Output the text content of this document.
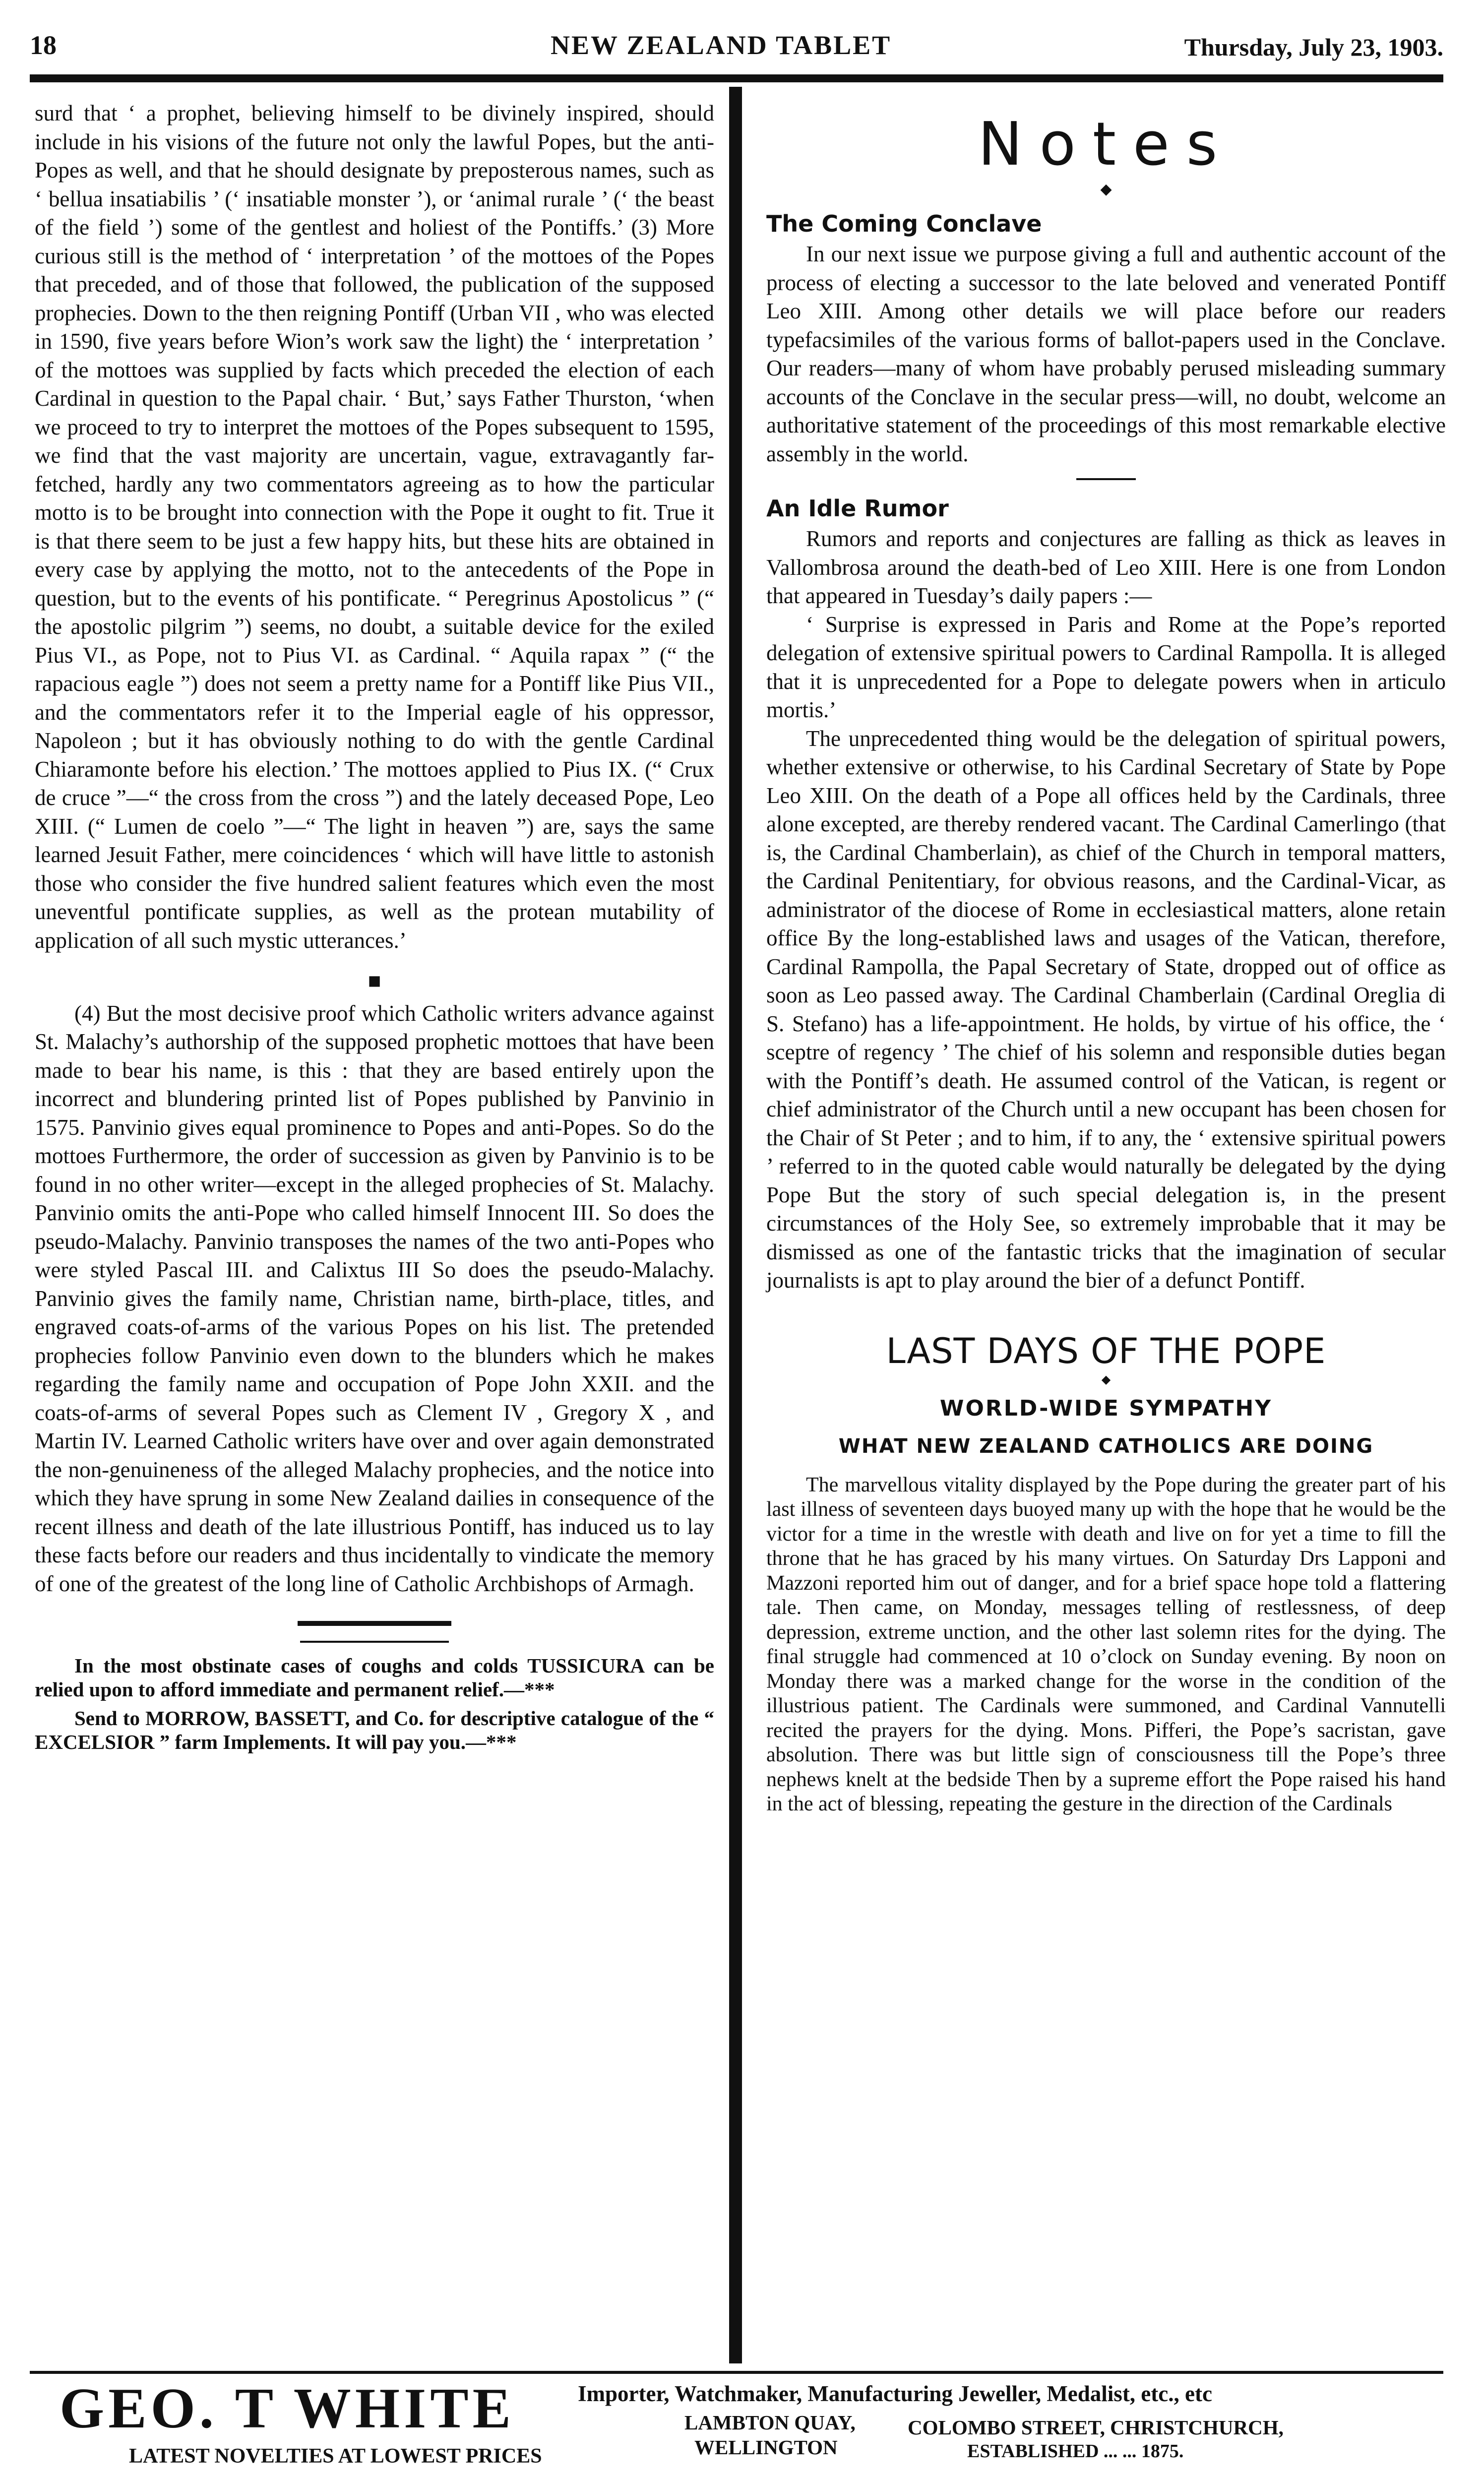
18	NEW ZEALAND TABLET	Thursday, July 23, 1903.

surd that ‘ a prophet, believing himself to be divinely inspired, should include in his visions of the future not only the lawful Popes, but the anti-Popes as well, and that he should designate by preposterous names, such as ‘ bellua insatiabilis ’ (‘ insatiable monster ’), or ‘animal rurale ’ (‘ the beast of the field ’) some of the gentlest and holiest of the Pontiffs.’ (3) More curious still is the method of ‘ interpretation ’ of the mottoes of the Popes that preceded, and of those that followed, the publication of the supposed prophecies. Down to the then reigning Pontiff (Urban VII , who was elected in 1590, five years before Wion’s work saw the light) the ‘ interpretation ’ of the mottoes was supplied by facts which preceded the election of each Cardinal in question to the Papal chair. ‘ But,’ says Father Thurston, ‘when we proceed to try to interpret the mottoes of the Popes subsequent to 1595, we find that the vast majority are uncertain, vague, extravagantly far-fetched, hardly any two commentators agreeing as to how the particular motto is to be brought into connection with the Pope it ought to fit. True it is that there seem to be just a few happy hits, but these hits are obtained in every case by applying the motto, not to the antecedents of the Pope in question, but to the events of his pontificate. “ Peregrinus Apostolicus ” (“ the apostolic pilgrim ”) seems, no doubt, a suitable device for the exiled Pius VI., as Pope, not to Pius VI. as Cardinal. “ Aquila rapax ” (“ the rapacious eagle ”) does not seem a pretty name for a Pontiff like Pius VII., and the commentators refer it to the Imperial eagle of his oppressor, Napoleon ; but it has obviously nothing to do with the gentle Cardinal Chiaramonte before his election.’ The mottoes applied to Pius IX. (“ Crux de cruce ”—“ the cross from the cross ”) and the lately deceased Pope, Leo XIII. (“ Lumen de coelo ”—“ The light in heaven ”) are, says the same learned Jesuit Father, mere coincidences ‘ which will have little to astonish those who consider the five hundred salient features which even the most uneventful pontificate supplies, as well as the protean mutability of application of all such mystic utterances.’

■

(4) But the most decisive proof which Catholic writers advance against St. Malachy’s authorship of the supposed prophetic mottoes that have been made to bear his name, is this : that they are based entirely upon the incorrect and blundering printed list of Popes published by Panvinio in 1575. Panvinio gives equal prominence to Popes and anti-Popes. So do the mottoes Furthermore, the order of succession as given by Panvinio is to be found in no other writer—except in the alleged prophecies of St. Malachy. Panvinio omits the anti-Pope who called himself Innocent III. So does the pseudo-Malachy. Panvinio transposes the names of the two anti-Popes who were styled Pascal III. and Calixtus III So does the pseudo-Malachy. Panvinio gives the family name, Christian name, birth-place, titles, and engraved coats-of-arms of the various Popes on his list. The pretended prophecies follow Panvinio even down to the blunders which he makes regarding the family name and occupation of Pope John XXII. and the coats-of-arms of several Popes such as Clement IV , Gregory X , and Martin IV. Learned Catholic writers have over and over again demonstrated the non-genuineness of the alleged Malachy prophecies, and the notice into which they have sprung in some New Zealand dailies in consequence of the recent illness and death of the late illustrious Pontiff, has induced us to lay these facts before our readers and thus incidentally to vindicate the memory of one of the greatest of the long line of Catholic Archbishops of Armagh.

In the most obstinate cases of coughs and colds TUSSICURA can be relied upon to afford immediate and permanent relief.—***

Send to MORROW, BASSETT, and Co. for descriptive catalogue of the “ EXCELSIOR ” farm Implements. It will pay you.—***

Notes
◆
The Coming Conclave

In our next issue we purpose giving a full and authentic account of the process of electing a successor to the late beloved and venerated Pontiff Leo XIII. Among other details we will place before our readers typefacsimiles of the various forms of ballot-papers used in the Conclave. Our readers—many of whom have probably perused misleading summary accounts of the Conclave in the secular press—will, no doubt, welcome an authoritative statement of the proceedings of this most remarkable elective assembly in the world.

An Idle Rumor

Rumors and reports and conjectures are falling as thick as leaves in Vallombrosa around the death-bed of Leo XIII. Here is one from London that appeared in Tuesday’s daily papers :—

‘ Surprise is expressed in Paris and Rome at the Pope’s reported delegation of extensive spiritual powers to Cardinal Rampolla. It is alleged that it is unprecedented for a Pope to delegate powers when in articulo mortis.’

The unprecedented thing would be the delegation of spiritual powers, whether extensive or otherwise, to his Cardinal Secretary of State by Pope Leo XIII. On the death of a Pope all offices held by the Cardinals, three alone excepted, are thereby rendered vacant. The Cardinal Camerlingo (that is, the Cardinal Chamberlain), as chief of the Church in temporal matters, the Cardinal Penitentiary, for obvious reasons, and the Cardinal-Vicar, as administrator of the diocese of Rome in ecclesiastical matters, alone retain office By the long-established laws and usages of the Vatican, therefore, Cardinal Rampolla, the Papal Secretary of State, dropped out of office as soon as Leo passed away. The Cardinal Chamberlain (Cardinal Oreglia di S. Stefano) has a life-appointment. He holds, by virtue of his office, the ‘ sceptre of regency ’ The chief of his solemn and responsible duties began with the Pontiff’s death. He assumed control of the Vatican, is regent or chief administrator of the Church until a new occupant has been chosen for the Chair of St Peter ; and to him, if to any, the ‘ extensive spiritual powers ’ referred to in the quoted cable would naturally be delegated by the dying Pope But the story of such special delegation is, in the present circumstances of the Holy See, so extremely improbable that it may be dismissed as one of the fantastic tricks that the imagination of secular journalists is apt to play around the bier of a defunct Pontiff.

LAST DAYS OF THE POPE
◆
WORLD-WIDE SYMPATHY
WHAT NEW ZEALAND CATHOLICS ARE DOING

The marvellous vitality displayed by the Pope during the greater part of his last illness of seventeen days buoyed many up with the hope that he would be the victor for a time in the wrestle with death and live on for yet a time to fill the throne that he has graced by his many virtues. On Saturday Drs Lapponi and Mazzoni reported him out of danger, and for a brief space hope told a flattering tale. Then came, on Monday, messages telling of restlessness, of deep depression, extreme unction, and the other last solemn rites for the dying. The final struggle had commenced at 10 o’clock on Sunday evening. By noon on Monday there was a marked change for the worse in the condition of the illustrious patient. The Cardinals were summoned, and Cardinal Vannutelli recited the prayers for the dying. Mons. Pifferi, the Pope’s sacristan, gave absolution. There was but little sign of consciousness till the Pope’s three nephews knelt at the bedside Then by a supreme effort the Pope raised his hand in the act of blessing, repeating the gesture in the direction of the Cardinals

GEO. T WHITE
LATEST NOVELTIES AT LOWEST PRICES
Importer, Watchmaker, Manufacturing Jeweller, Medalist, etc., etc
LAMBTON QUAY,
WELLINGTON
COLOMBO STREET, CHRISTCHURCH,
ESTABLISHED ... ... 1875.
